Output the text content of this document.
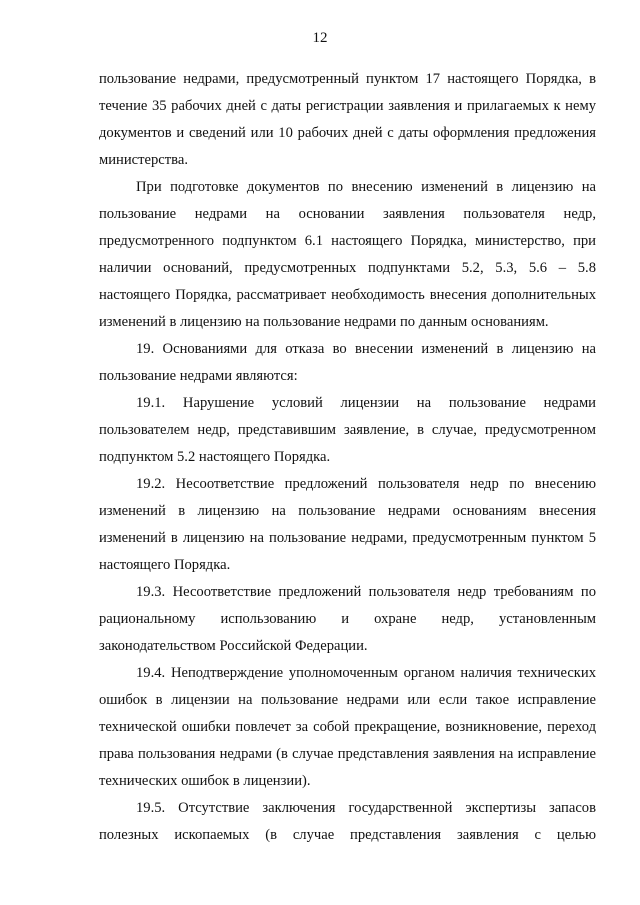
12

пользование недрами, предусмотренный пунктом 17 настоящего Порядка, в течение 35 рабочих дней с даты регистрации заявления и прилагаемых к нему документов и сведений или 10 рабочих дней с даты оформления предложения министерства.

При подготовке документов по внесению изменений в лицензию на пользование недрами на основании заявления пользователя недр, предусмотренного подпунктом 6.1 настоящего Порядка, министерство, при наличии оснований, предусмотренных подпунктами 5.2, 5.3, 5.6 – 5.8 настоящего Порядка, рассматривает необходимость внесения дополнительных изменений в лицензию на пользование недрами по данным основаниям.

19. Основаниями для отказа во внесении изменений в лицензию на пользование недрами являются:

19.1. Нарушение условий лицензии на пользование недрами пользователем недр, представившим заявление, в случае, предусмотренном подпунктом 5.2 настоящего Порядка.

19.2. Несоответствие предложений пользователя недр по внесению изменений в лицензию на пользование недрами основаниям внесения изменений в лицензию на пользование недрами, предусмотренным пунктом 5 настоящего Порядка.

19.3. Несоответствие предложений пользователя недр требованиям по рациональному использованию и охране недр, установленным законодательством Российской Федерации.

19.4. Неподтверждение уполномоченным органом наличия технических ошибок в лицензии на пользование недрами или если такое исправление технической ошибки повлечет за собой прекращение, возникновение, переход права пользования недрами (в случае представления заявления на исправление технических ошибок в лицензии).

19.5. Отсутствие заключения государственной экспертизы запасов полезных ископаемых (в случае представления заявления с целью
